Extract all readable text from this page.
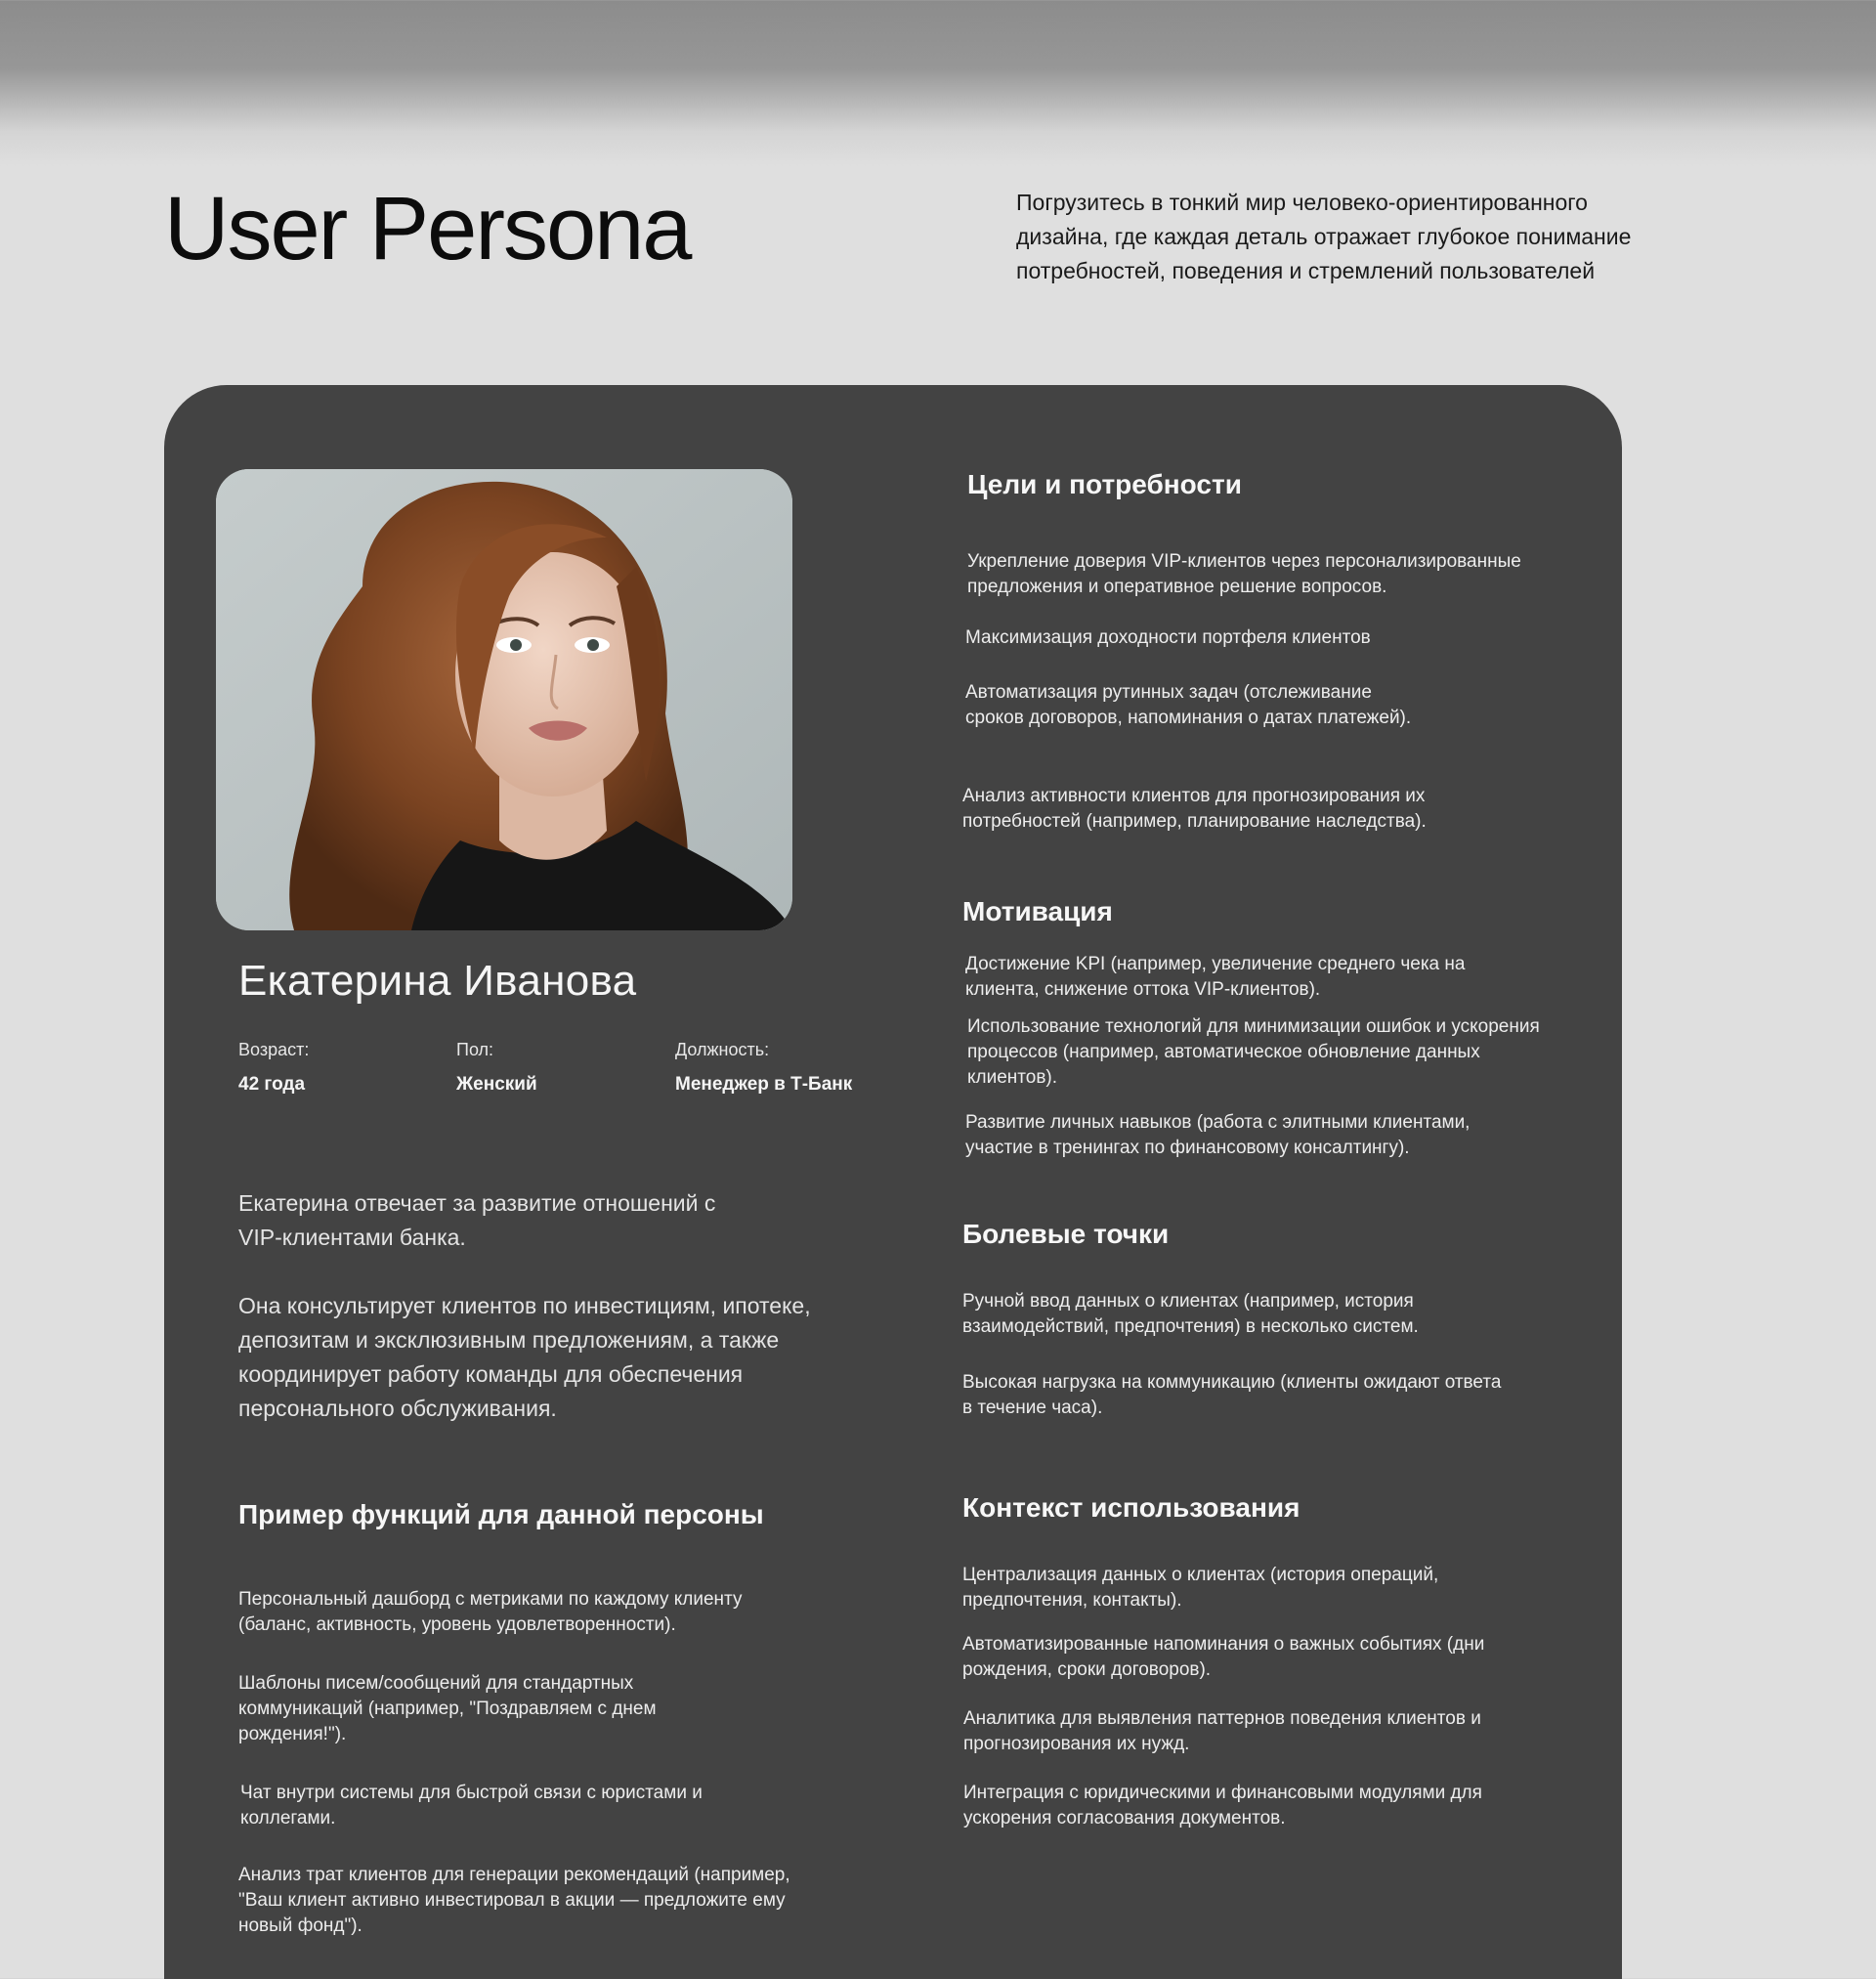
User Persona	Погрузитесь в тонкий мир человеко-ориентированного дизайна, где каждая деталь отражает глубокое понимание потребностей, поведения и стремлений пользователей

Екатерина Иванова
Возраст:
42 года
Пол:
Женский
Должность:
Менеджер в Т-Банк

Екатерина отвечает за развитие отношений с VIP-клиентами банка.

Она консультирует клиентов по инвестициям, ипотеке, депозитам и эксклюзивным предложениям, а также координирует работу команды для обеспечения персонального обслуживания.

Пример функций для данной персоны

Персональный дашборд с метриками по каждому клиенту (баланс, активность, уровень удовлетворенности).

Шаблоны писем/сообщений для стандартных коммуникаций (например, "Поздравляем с днем рождения!").

Чат внутри системы для быстрой связи с юристами и коллегами.

Анализ трат клиентов для генерации рекомендаций (например, "Ваш клиент активно инвестировал в акции — предложите ему новый фонд").

Цели и потребности

Укрепление доверия VIP-клиентов через персонализированные предложения и оперативное решение вопросов.

Максимизация доходности портфеля клиентов

Автоматизация рутинных задач (отслеживание сроков договоров, напоминания о датах платежей).

Анализ активности клиентов для прогнозирования их потребностей (например, планирование наследства).

Мотивация

Достижение KPI (например, увеличение среднего чека на клиента, снижение оттока VIP-клиентов).

Использование технологий для минимизации ошибок и ускорения процессов (например, автоматическое обновление данных клиентов).

Развитие личных навыков (работа с элитными клиентами, участие в тренингах по финансовому консалтингу).

Болевые точки

Ручной ввод данных о клиентах (например, история взаимодействий, предпочтения) в несколько систем.

Высокая нагрузка на коммуникацию (клиенты ожидают ответа в течение часа).

Контекст использования

Централизация данных о клиентах (история операций, предпочтения, контакты).

Автоматизированные напоминания о важных событиях (дни рождения, сроки договоров).

Аналитика для выявления паттернов поведения клиентов и прогнозирования их нужд.

Интеграция с юридическими и финансовыми модулями для ускорения согласования документов.
